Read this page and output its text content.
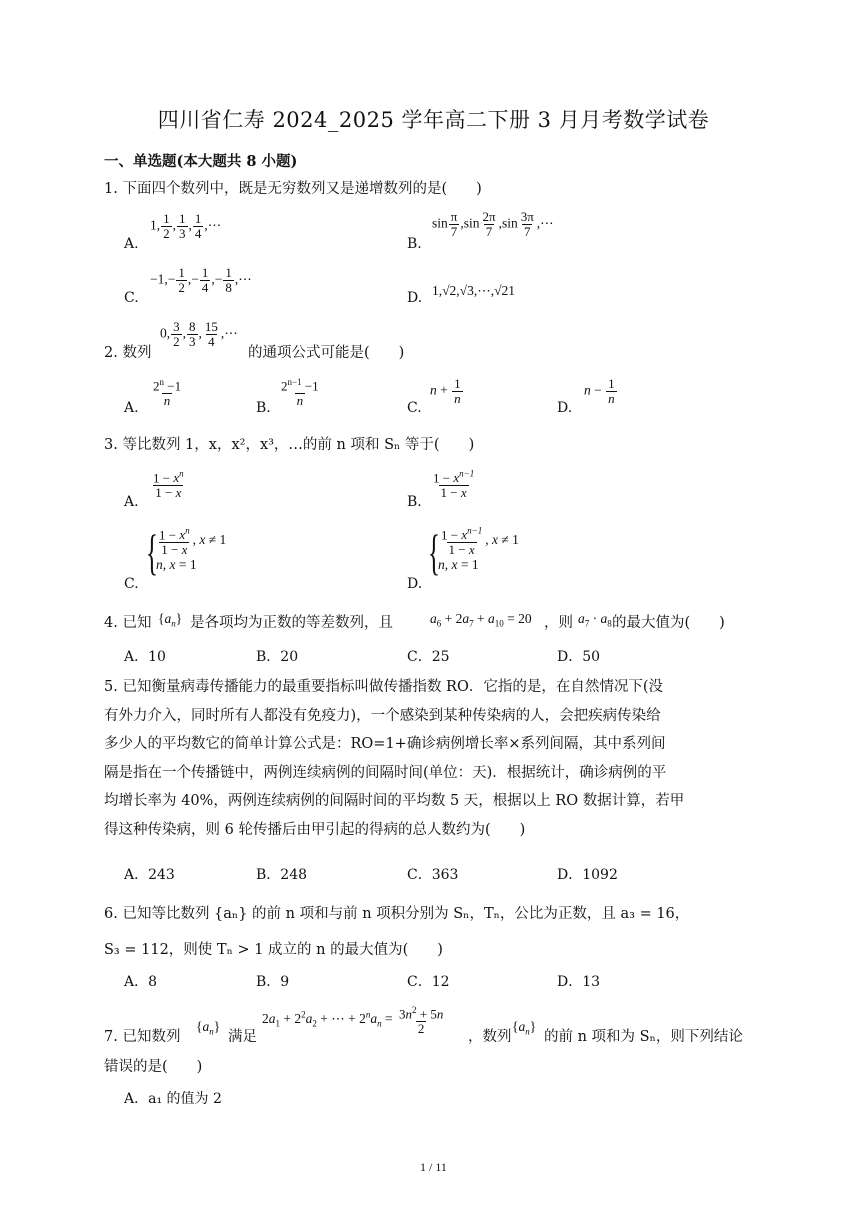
四川省仁寿 2024_2025 学年高二下册 3 月月考数学试卷
一、单选题(本大题共 8 小题)
1. 下面四个数列中，既是无穷数列又是递增数列的是(　　)
A.
1, $\frac{1}{2}$ , $\frac{1}{3}$ , $\frac{1}{4}$ ,⋯
B.
$\sin \frac{\pi}{7} ,\sin \frac{2\pi}{7} ,\sin \frac{3\pi}{7}$ ,⋯
C.
$-1,- \frac{1}{2}$ ,− $\frac{1}{4}$ ,− $\frac{1}{8}$ ,⋯
D. 1,√2,√3,⋯,√21
2. 数列
0, $\frac{3}{2}$ , $\frac{8}{3}$ , $\frac{15}{4}$ ,⋯
的通项公式可能是(　　)
A. $\frac{2^n -1}{n}$	B. $\frac{2^{n-1} -1}{n}$	C.
$n + \frac{1}{n}$
D.
$n - \frac{1}{n}$
3. 等比数列 1，x，x²，x³，…的前 n 项和 Sₙ 等于(　　)
A.
$\frac{1 - x^n}{1 - x}$
B.
$\frac{1 - x^{n-1}}{1 - x}$
C.
{ $\frac{1 - x^n}{1 - x}$ , x ≠ 1
n, x = 1
D.
{ $\frac{1 - x^{n-1}}{1 - x}$ , x ≠ 1
n, x = 1
4. 已知 $\{a_n\}$ 是各项均为正数的等差数列，且	$a_6 + 2a_7 + a_{10} = 20$ ，则 $a_7 \cdot a_8$ 的最大值为(　　)
A．10	B．20	C．25	D．50
5. 已知衡量病毒传播能力的最重要指标叫做传播指数 RO．它指的是，在自然情况下(没
有外力介入，同时所有人都没有免疫力)，一个感染到某种传染病的人，会把疾病传染给
多少人的平均数它的简单计算公式是：RO=1+确诊病例增长率×系列间隔，其中系列间
隔是指在一个传播链中，两例连续病例的间隔时间(单位：天)．根据统计，确诊病例的平
均增长率为 40%，两例连续病例的间隔时间的平均数 5 天，根据以上 RO 数据计算，若甲
得这种传染病，则 6 轮传播后由甲引起的得病的总人数约为(　　)
A．243	B．248	C．363	D．1092
6. 已知等比数列 {aₙ} 的前 n 项和与前 n 项积分别为 Sₙ，Tₙ，公比为正数，且 a₃ = 16，
S₃ = 112，则使 Tₙ > 1 成立的 n 的最大值为(　　)
A．8	B．9	C．12	D．13
7. 已知数列
$\{a_n\}$
满足
$2a_1 + 2^2a_2$ + ⋯ + $2^na_n = \frac{3n^2 + 5n}{2}$
，数列
$\{a_n\}$
的前 n 项和为 Sₙ，则下列结论
错误的是(　　)
A．a₁ 的值为 2
1 / 11
